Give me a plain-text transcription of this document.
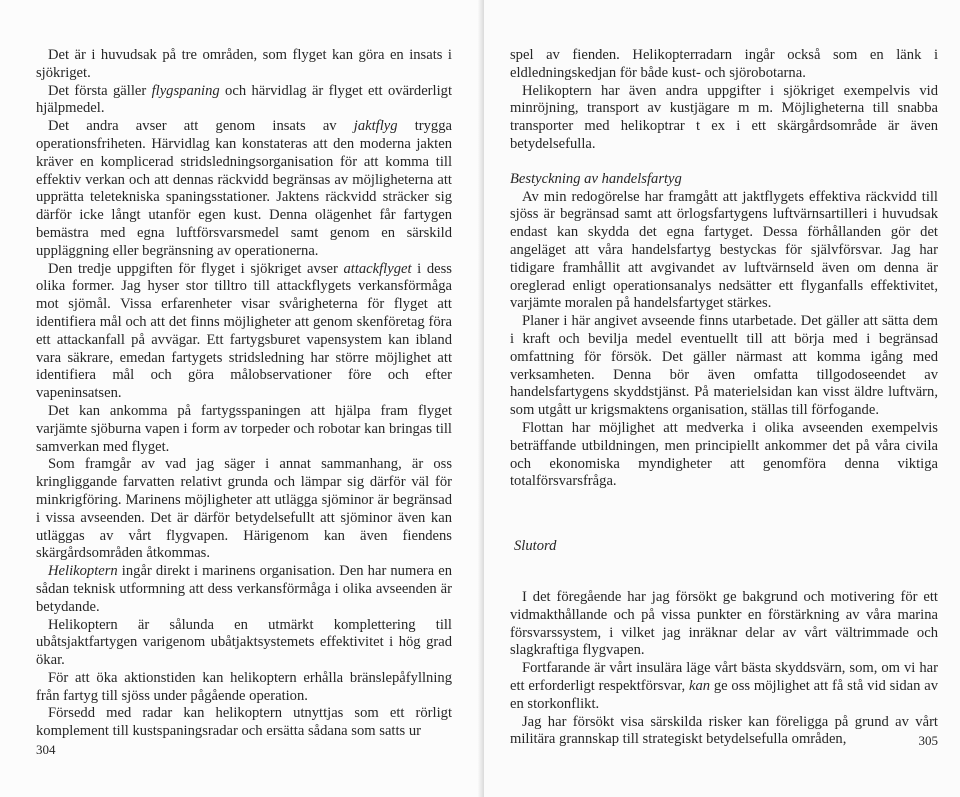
Det är i huvudsak på tre områden, som flyget kan göra en insats i sjökriget.

Det första gäller flygspaning och härvidlag är flyget ett ovärderligt hjälpmedel.

Det andra avser att genom insats av jaktflyg trygga operationsfriheten. Härvidlag kan konstateras att den moderna jakten kräver en komplicerad stridsledningsorganisation för att komma till effektiv verkan och att dennas räckvidd begränsas av möjligheterna att upprätta teletekniska spaningsstationer. Jaktens räckvidd sträcker sig därför icke långt utanför egen kust. Denna olägenhet får fartygen bemästra med egna luftförsvarsmedel samt genom en särskild uppläggning eller begränsning av operationerna.

Den tredje uppgiften för flyget i sjökriget avser attackflyget i dess olika former. Jag hyser stor tilltro till attackflygets verkansförmåga mot sjömål. Vissa erfarenheter visar svårigheterna för flyget att identifiera mål och att det finns möjligheter att genom skenföretag föra ett attackanfall på avvägar. Ett fartygsburet vapensystem kan ibland vara säkrare, emedan fartygets stridsledning har större möjlighet att identifiera mål och göra målobservationer före och efter vapeninsatsen.

Det kan ankomma på fartygsspaningen att hjälpa fram flyget varjämte sjöburna vapen i form av torpeder och robotar kan bringas till samverkan med flyget.

Som framgår av vad jag säger i annat sammanhang, är oss kringliggande farvatten relativt grunda och lämpar sig därför väl för minkrigföring. Marinens möjligheter att utlägga sjöminor är begränsad i vissa avseenden. Det är därför betydelsefullt att sjöminor även kan utläggas av vårt flygvapen. Härigenom kan även fiendens skärgårdsområden åtkommas.

Helikoptern ingår direkt i marinens organisation. Den har numera en sådan teknisk utformning att dess verkansförmåga i olika avseenden är betydande.

Helikoptern är sålunda en utmärkt komplettering till ubåtsjaktfartygen varigenom ubåtjaktsystemets effektivitet i hög grad ökar.

För att öka aktionstiden kan helikoptern erhålla bränslepåfyllning från fartyg till sjöss under pågående operation.

Försedd med radar kan helikoptern utnyttjas som ett rörligt komplement till kustspaningsradar och ersätta sådana som satts ur

304

spel av fienden. Helikopterradarn ingår också som en länk i eldledningskedjan för både kust- och sjörobotarna.

Helikoptern har även andra uppgifter i sjökriget exempelvis vid minröjning, transport av kustjägare m m. Möjligheterna till snabba transporter med helikoptrar t ex i ett skärgårdsområde är även betydelsefulla.

Bestyckning av handelsfartyg

Av min redogörelse har framgått att jaktflygets effektiva räckvidd till sjöss är begränsad samt att örlogsfartygens luftvärnsartilleri i huvudsak endast kan skydda det egna fartyget. Dessa förhållanden gör det angeläget att våra handelsfartyg bestyckas för självförsvar. Jag har tidigare framhållit att avgivandet av luftvärnseld även om denna är oreglerad enligt operationsanalys nedsätter ett flyganfalls effektivitet, varjämte moralen på handelsfartyget stärkes.

Planer i här angivet avseende finns utarbetade. Det gäller att sätta dem i kraft och bevilja medel eventuellt till att börja med i begränsad omfattning för försök. Det gäller närmast att komma igång med verksamheten. Denna bör även omfatta tillgodoseendet av handelsfartygens skyddstjänst. På materielsidan kan visst äldre luftvärn, som utgått ur krigsmaktens organisation, ställas till förfogande.

Flottan har möjlighet att medverka i olika avseenden exempelvis beträffande utbildningen, men principiellt ankommer det på våra civila och ekonomiska myndigheter att genomföra denna viktiga totalförsvarsfråga.

Slutord

I det föregående har jag försökt ge bakgrund och motivering för ett vidmakthållande och på vissa punkter en förstärkning av våra marina försvarssystem, i vilket jag inräknar delar av vårt vältrimmade och slagkraftiga flygvapen.

Fortfarande är vårt insulära läge vårt bästa skyddsvärn, som, om vi har ett erforderligt respektförsvar, kan ge oss möjlighet att få stå vid sidan av en storkonflikt.

Jag har försökt visa särskilda risker kan föreligga på grund av vårt militära grannskap till strategiskt betydelsefulla områden,	305
